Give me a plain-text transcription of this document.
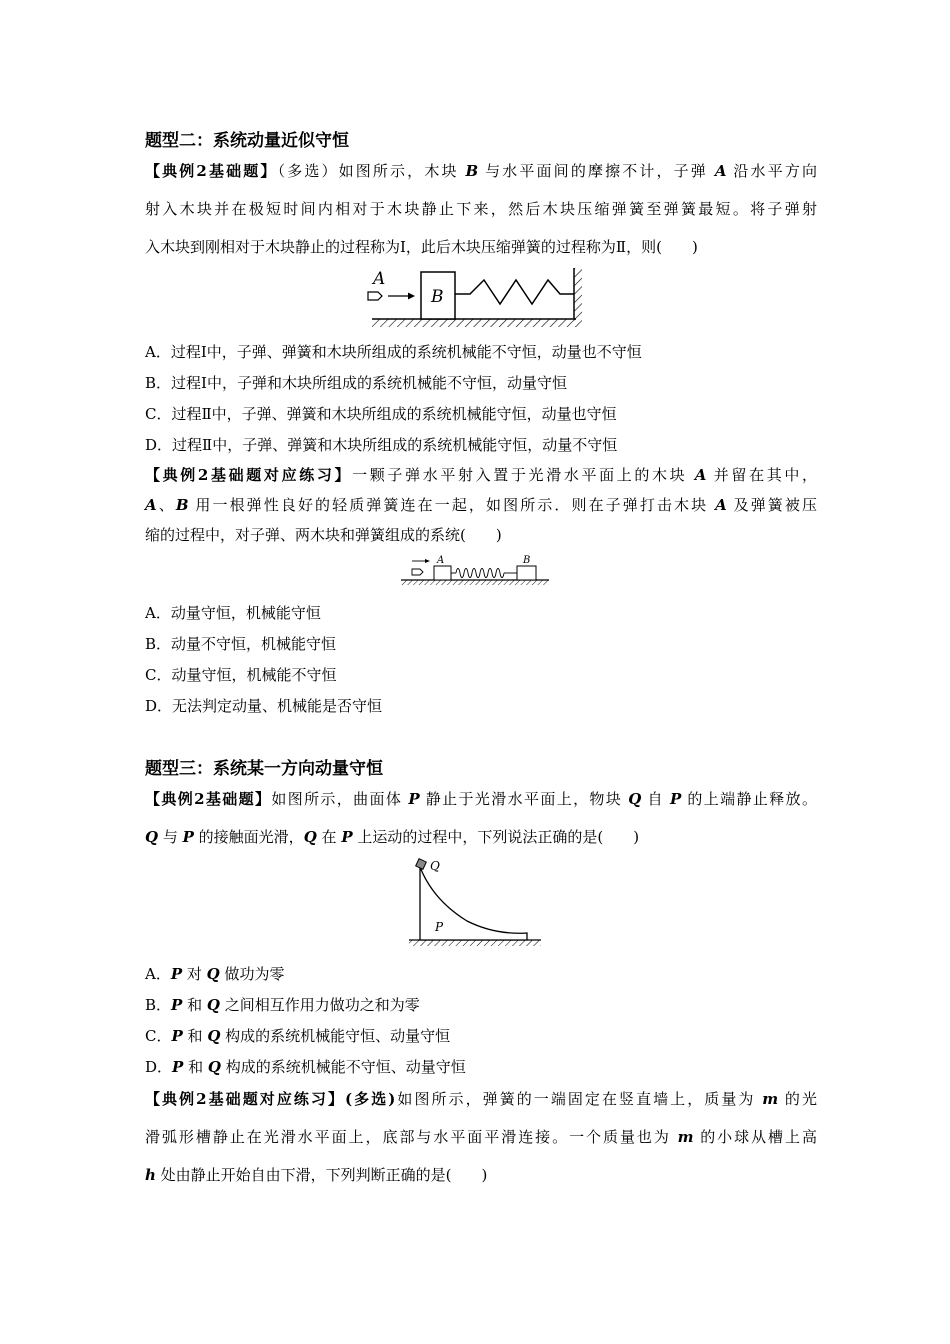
题型二：系统动量近似守恒
【典例2基础题】（多选）如图所示，木块 B 与水平面间的摩擦不计，子弹 A 沿水平方向
射入木块并在极短时间内相对于木块静止下来，然后木块压缩弹簧至弹簧最短。将子弹射
入木块到刚相对于木块静止的过程称为Ⅰ，此后木块压缩弹簧的过程称为Ⅱ，则(　　)
B
A
A．过程Ⅰ中，子弹、弹簧和木块所组成的系统机械能不守恒，动量也不守恒
B．过程Ⅰ中，子弹和木块所组成的系统机械能不守恒，动量守恒
C．过程Ⅱ中，子弹、弹簧和木块所组成的系统机械能守恒，动量也守恒
D．过程Ⅱ中，子弹、弹簧和木块所组成的系统机械能守恒，动量不守恒
【典例2基础题对应练习】一颗子弹水平射入置于光滑水平面上的木块 A 并留在其中，
A、B 用一根弹性良好的轻质弹簧连在一起，如图所示．则在子弹打击木块 A 及弹簧被压
缩的过程中，对子弹、两木块和弹簧组成的系统(　　)
A	B
A．动量守恒，机械能守恒
B．动量不守恒，机械能守恒
C．动量守恒，机械能不守恒
D．无法判定动量、机械能是否守恒
题型三：系统某一方向动量守恒
【典例2基础题】如图所示，曲面体 P 静止于光滑水平面上，物块 Q 自 P 的上端静止释放。
Q 与 P 的接触面光滑，Q 在 P 上运动的过程中，下列说法正确的是(　　)
Q
P
A．P 对 Q 做功为零
B．P 和 Q 之间相互作用力做功之和为零
C．P 和 Q 构成的系统机械能守恒、动量守恒
D．P 和 Q 构成的系统机械能不守恒、动量守恒
【典例2基础题对应练习】(多选)如图所示，弹簧的一端固定在竖直墙上，质量为 m 的光
滑弧形槽静止在光滑水平面上，底部与水平面平滑连接。一个质量也为 m 的小球从槽上高
h 处由静止开始自由下滑，下列判断正确的是(　　)
